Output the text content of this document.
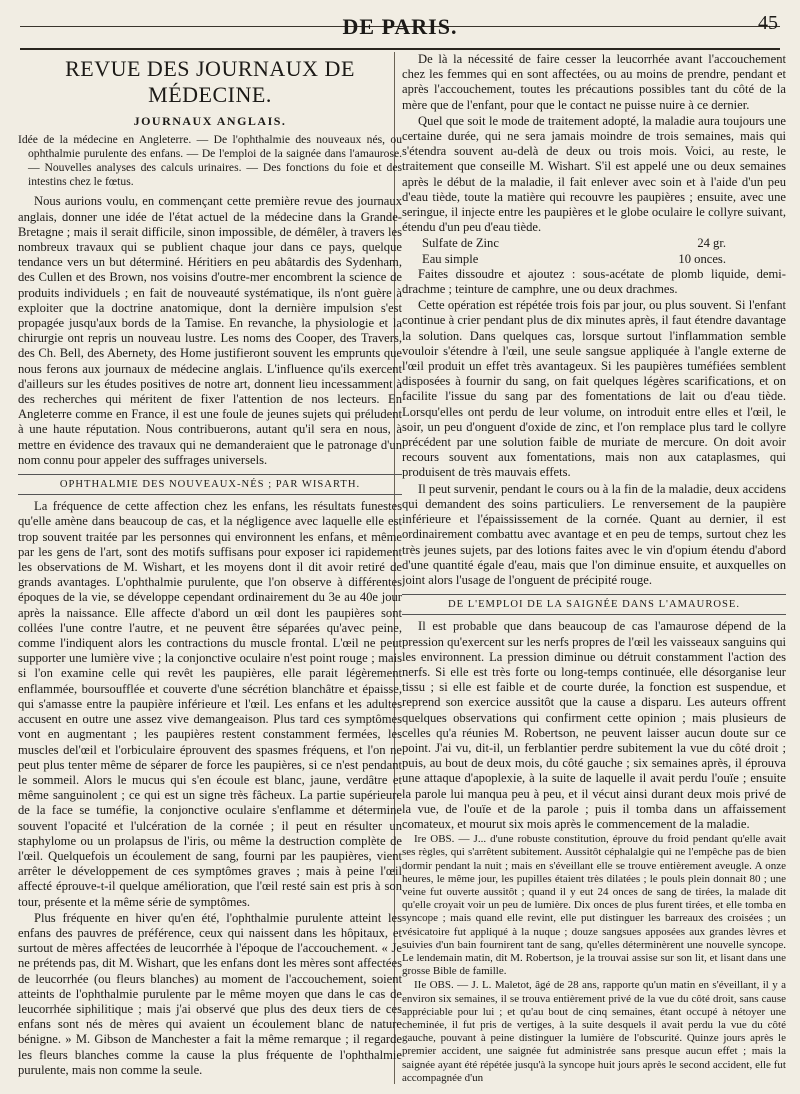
DE PARIS.	45
REVUE DES JOURNAUX DE MÉDECINE.
JOURNAUX ANGLAIS.
Idée de la médecine en Angleterre. — De l'ophthalmie des nouveaux nés, ou ophthalmie purulente des enfans. — De l'emploi de la saignée dans l'amaurose. — Nouvelles analyses des calculs urinaires. — Des fonctions du foie et des intestins chez le fœtus.

Nous aurions voulu, en commençant cette première revue des journaux anglais, donner une idée de l'état actuel de la médecine dans la Grande-Bretagne ; mais il serait difficile, sinon impossible, de démêler, à travers les nombreux travaux qui se publient chaque jour dans ce pays, quelque tendance vers un but déterminé. Héritiers en peu abâtardis des Sydenham, des Cullen et des Brown, nos voisins d'outre-mer encombrent la science de produits individuels ; en fait de nouveauté systématique, ils n'ont guère à exploiter que la doctrine anatomique, dont la dernière impulsion s'est propagée jusqu'aux bords de la Tamise. En revanche, la physiologie et la chirurgie ont repris un nouveau lustre. Les noms des Cooper, des Travers, des Ch. Bell, des Abernety, des Home justifieront souvent les emprunts que nous ferons aux journaux de médecine anglais. L'influence qu'ils exercent d'ailleurs sur les études positives de notre art, donnent lieu incessamment à des recherches qui méritent de fixer l'attention de nos lecteurs. En Angleterre comme en France, il est une foule de jeunes sujets qui préludent à une haute réputation. Nous contribuerons, autant qu'il sera en nous, à mettre en évidence des travaux qui ne demanderaient que le patronage d'un nom connu pour appeler des suffrages universels.

OPHTHALMIE DES NOUVEAUX-NÉS ; PAR WISARTH.

La fréquence de cette affection chez les enfans, les résultats funestes qu'elle amène dans beaucoup de cas, et la négligence avec laquelle elle est trop souvent traitée par les personnes qui environnent les enfans, et même par les gens de l'art, sont des motifs suffisans pour exposer ici rapidement les observations de M. Wishart, et les moyens dont il dit avoir retiré de grands avantages. L'ophthalmie purulente, que l'on observe à différentes époques de la vie, se développe cependant ordinairement du 3e au 40e jour après la naissance. Elle affecte d'abord un œil dont les paupières sont collées l'une contre l'autre, et ne peuvent être séparées qu'avec peine, comme l'indiquent alors les contractions du muscle frontal. L'œil ne peut supporter une lumière vive ; la conjonctive oculaire n'est point rouge ; mais si l'on examine celle qui revêt les paupières, elle parait légèrement enflammée, boursoufflée et couverte d'une sécrétion blanchâtre et épaisse, qui s'amasse entre la paupière inférieure et l'œil. Les enfans et les adultes accusent en outre une assez vive demangeaison. Plus tard ces symptômes vont en augmentant ; les paupières restent constamment fermées, les muscles del'œil et l'orbiculaire éprouvent des spasmes fréquens, et l'on ne peut plus tenter même de séparer de force les paupières, si ce n'est pendant le sommeil. Alors le mucus qui s'en écoule est blanc, jaune, verdâtre et même sanguinolent ; ce qui est un signe très fâcheux. La partie supérieure de la face se tuméfie, la conjonctive oculaire s'enflamme et détermine souvent l'opacité et l'ulcération de la cornée ; il peut en résulter un staphylome ou un prolapsus de l'iris, ou même la destruction complète de l'œil. Quelquefois un écoulement de sang, fourni par les paupières, vient arrêter le développement de ces symptômes graves ; mais à peine l'œil affecté éprouve-t-il quelque amélioration, que l'œil resté sain est pris à son tour, présente et la même série de symptômes.

Plus fréquente en hiver qu'en été, l'ophthalmie purulente atteint les enfans des pauvres de préférence, ceux qui naissent dans les hôpitaux, et surtout de mères affectées de leucorrhée à l'époque de l'accouchement. « Je ne prétends pas, dit M. Wishart, que les enfans dont les mères sont affectées de leucorrhée (ou fleurs blanches) au moment de l'accouchement, soient atteints de l'ophthalmie purulente par le même moyen que dans le cas de leucorrhée siphilitique ; mais j'ai observé que plus des deux tiers de ces enfans sont nés de mères qui avaient un écoulement blanc de nature bénigne. » M. Gibson de Manchester a fait la même remarque ; il regarde les fleurs blanches comme la cause la plus fréquente de l'ophthalmie purulente, mais non comme la seule.

De là la nécessité de faire cesser la leucorrhée avant l'accouchement chez les femmes qui en sont affectées, ou au moins de prendre, pendant et après l'accouchement, toutes les précautions possibles tant du côté de la mère que de l'enfant, pour que le contact ne puisse nuire à ce dernier.

Quel que soit le mode de traitement adopté, la maladie aura toujours une certaine durée, qui ne sera jamais moindre de trois semaines, mais qui s'étendra souvent au-delà de deux ou trois mois. Voici, au reste, le traitement que conseille M. Wishart. S'il est appelé une ou deux semaines après le début de la maladie, il fait enlever avec soin et à l'aide d'un peu d'eau tiède, toute la matière qui recouvre les paupières ; ensuite, avec une seringue, il injecte entre les paupières et le globe oculaire le collyre suivant, étendu d'un peu d'eau tiède.

Sulfate de Zinc	24 gr.
Eau simple	10 onces.

Faites dissoudre et ajoutez : sous-acétate de plomb liquide, demi-drachme ; teinture de camphre, une ou deux drachmes.

Cette opération est répétée trois fois par jour, ou plus souvent. Si l'enfant continue à crier pendant plus de dix minutes après, il faut étendre davantage la solution. Dans quelques cas, lorsque surtout l'inflammation semble vouloir s'étendre à l'œil, une seule sangsue appliquée à l'angle externe de l'œil produit un effet très avantageux. Si les paupières tuméfiées semblent disposées à fournir du sang, on fait quelques légères scarifications, et on facilite l'issue du sang par des fomentations de lait ou d'eau tiède. Lorsqu'elles ont perdu de leur volume, on introduit entre elles et l'œil, le soir, un peu d'onguent d'oxide de zinc, et l'on remplace plus tard le collyre précédent par une solution faible de muriate de mercure. On doit avoir recours souvent aux fomentations, mais non aux cataplasmes, qui produisent de très mauvais effets.

Il peut survenir, pendant le cours ou à la fin de la maladie, deux accidens qui demandent des soins particuliers. Le renversement de la paupière inférieure et l'épaississement de la cornée. Quant au dernier, il est ordinairement combattu avec avantage et en peu de temps, surtout chez les très jeunes sujets, par des lotions faites avec le vin d'opium étendu d'abord d'une quantité égale d'eau, mais que l'on diminue ensuite, et auxquelles on joint alors l'usage de l'onguent de précipité rouge.

DE L'EMPLOI DE LA SAIGNÉE DANS L'AMAUROSE.

Il est probable que dans beaucoup de cas l'amaurose dépend de la pression qu'exercent sur les nerfs propres de l'œil les vaisseaux sanguins qui les environnent. La pression diminue ou détruit constamment l'action des nerfs. Si elle est très forte ou long-temps continuée, elle désorganise leur tissu ; si elle est faible et de courte durée, la fonction est suspendue, et reprend son exercice aussitôt que la cause a disparu. Les auteurs offrent quelques observations qui confirment cette opinion ; mais plusieurs de celles qu'a réunies M. Robertson, ne peuvent laisser aucun doute sur ce point. J'ai vu, dit-il, un ferblantier perdre subitement la vue du côté droit ; puis, au bout de deux mois, du côté gauche ; six semaines après, il éprouva une attaque d'apoplexie, à la suite de laquelle il avait perdu l'ouïe ; ensuite la parole lui manqua peu à peu, et il vécut ainsi durant deux mois privé de la vue, de l'ouïe et de la parole ; puis il tomba dans un affaissement comateux, et mourut six mois après le commencement de la maladie.

Ire OBS. — J... d'une robuste constitution, éprouve du froid pendant qu'elle avait ses règles, qui s'arrêtent subitement. Aussitôt céphalalgie qui ne l'empêche pas de bien dormir pendant la nuit ; mais en s'éveillant elle se trouve entièrement aveugle. A onze heures, le même jour, les pupilles étaient très dilatées ; le pouls plein donnait 80 ; une veine fut ouverte aussitôt ; quand il y eut 24 onces de sang de tirées, la malade dit qu'elle croyait voir un peu de lumière. Dix onces de plus furent tirées, et elle tomba en syncope ; mais quand elle revint, elle put distinguer les barreaux des croisées ; un vésicatoire fut appliqué à la nuque ; douze sangsues apposées aux grandes lèvres et suivies d'un bain fournirent tant de sang, qu'elles déterminèrent une nouvelle syncope. Le lendemain matin, dit M. Robertson, je la trouvai assise sur son lit, et lisant dans une grosse Bible de famille.

IIe OBS. — J. L. Maletot, âgé de 28 ans, rapporte qu'un matin en s'éveillant, il y a environ six semaines, il se trouva entièrement privé de la vue du côté droit, sans cause appréciable pour lui ; et qu'au bout de cinq semaines, étant occupé à nétoyer une cheminée, il fut pris de vertiges, à la suite desquels il avait perdu la vue du côté gauche, pouvant à peine distinguer la lumière de l'obscurité. Quinze jours après le premier accident, une saignée fut administrée sans presque aucun effet ; mais la saignée ayant été répétée jusqu'à la syncope huit jours après le second accident, elle fut accompagnée d'un
